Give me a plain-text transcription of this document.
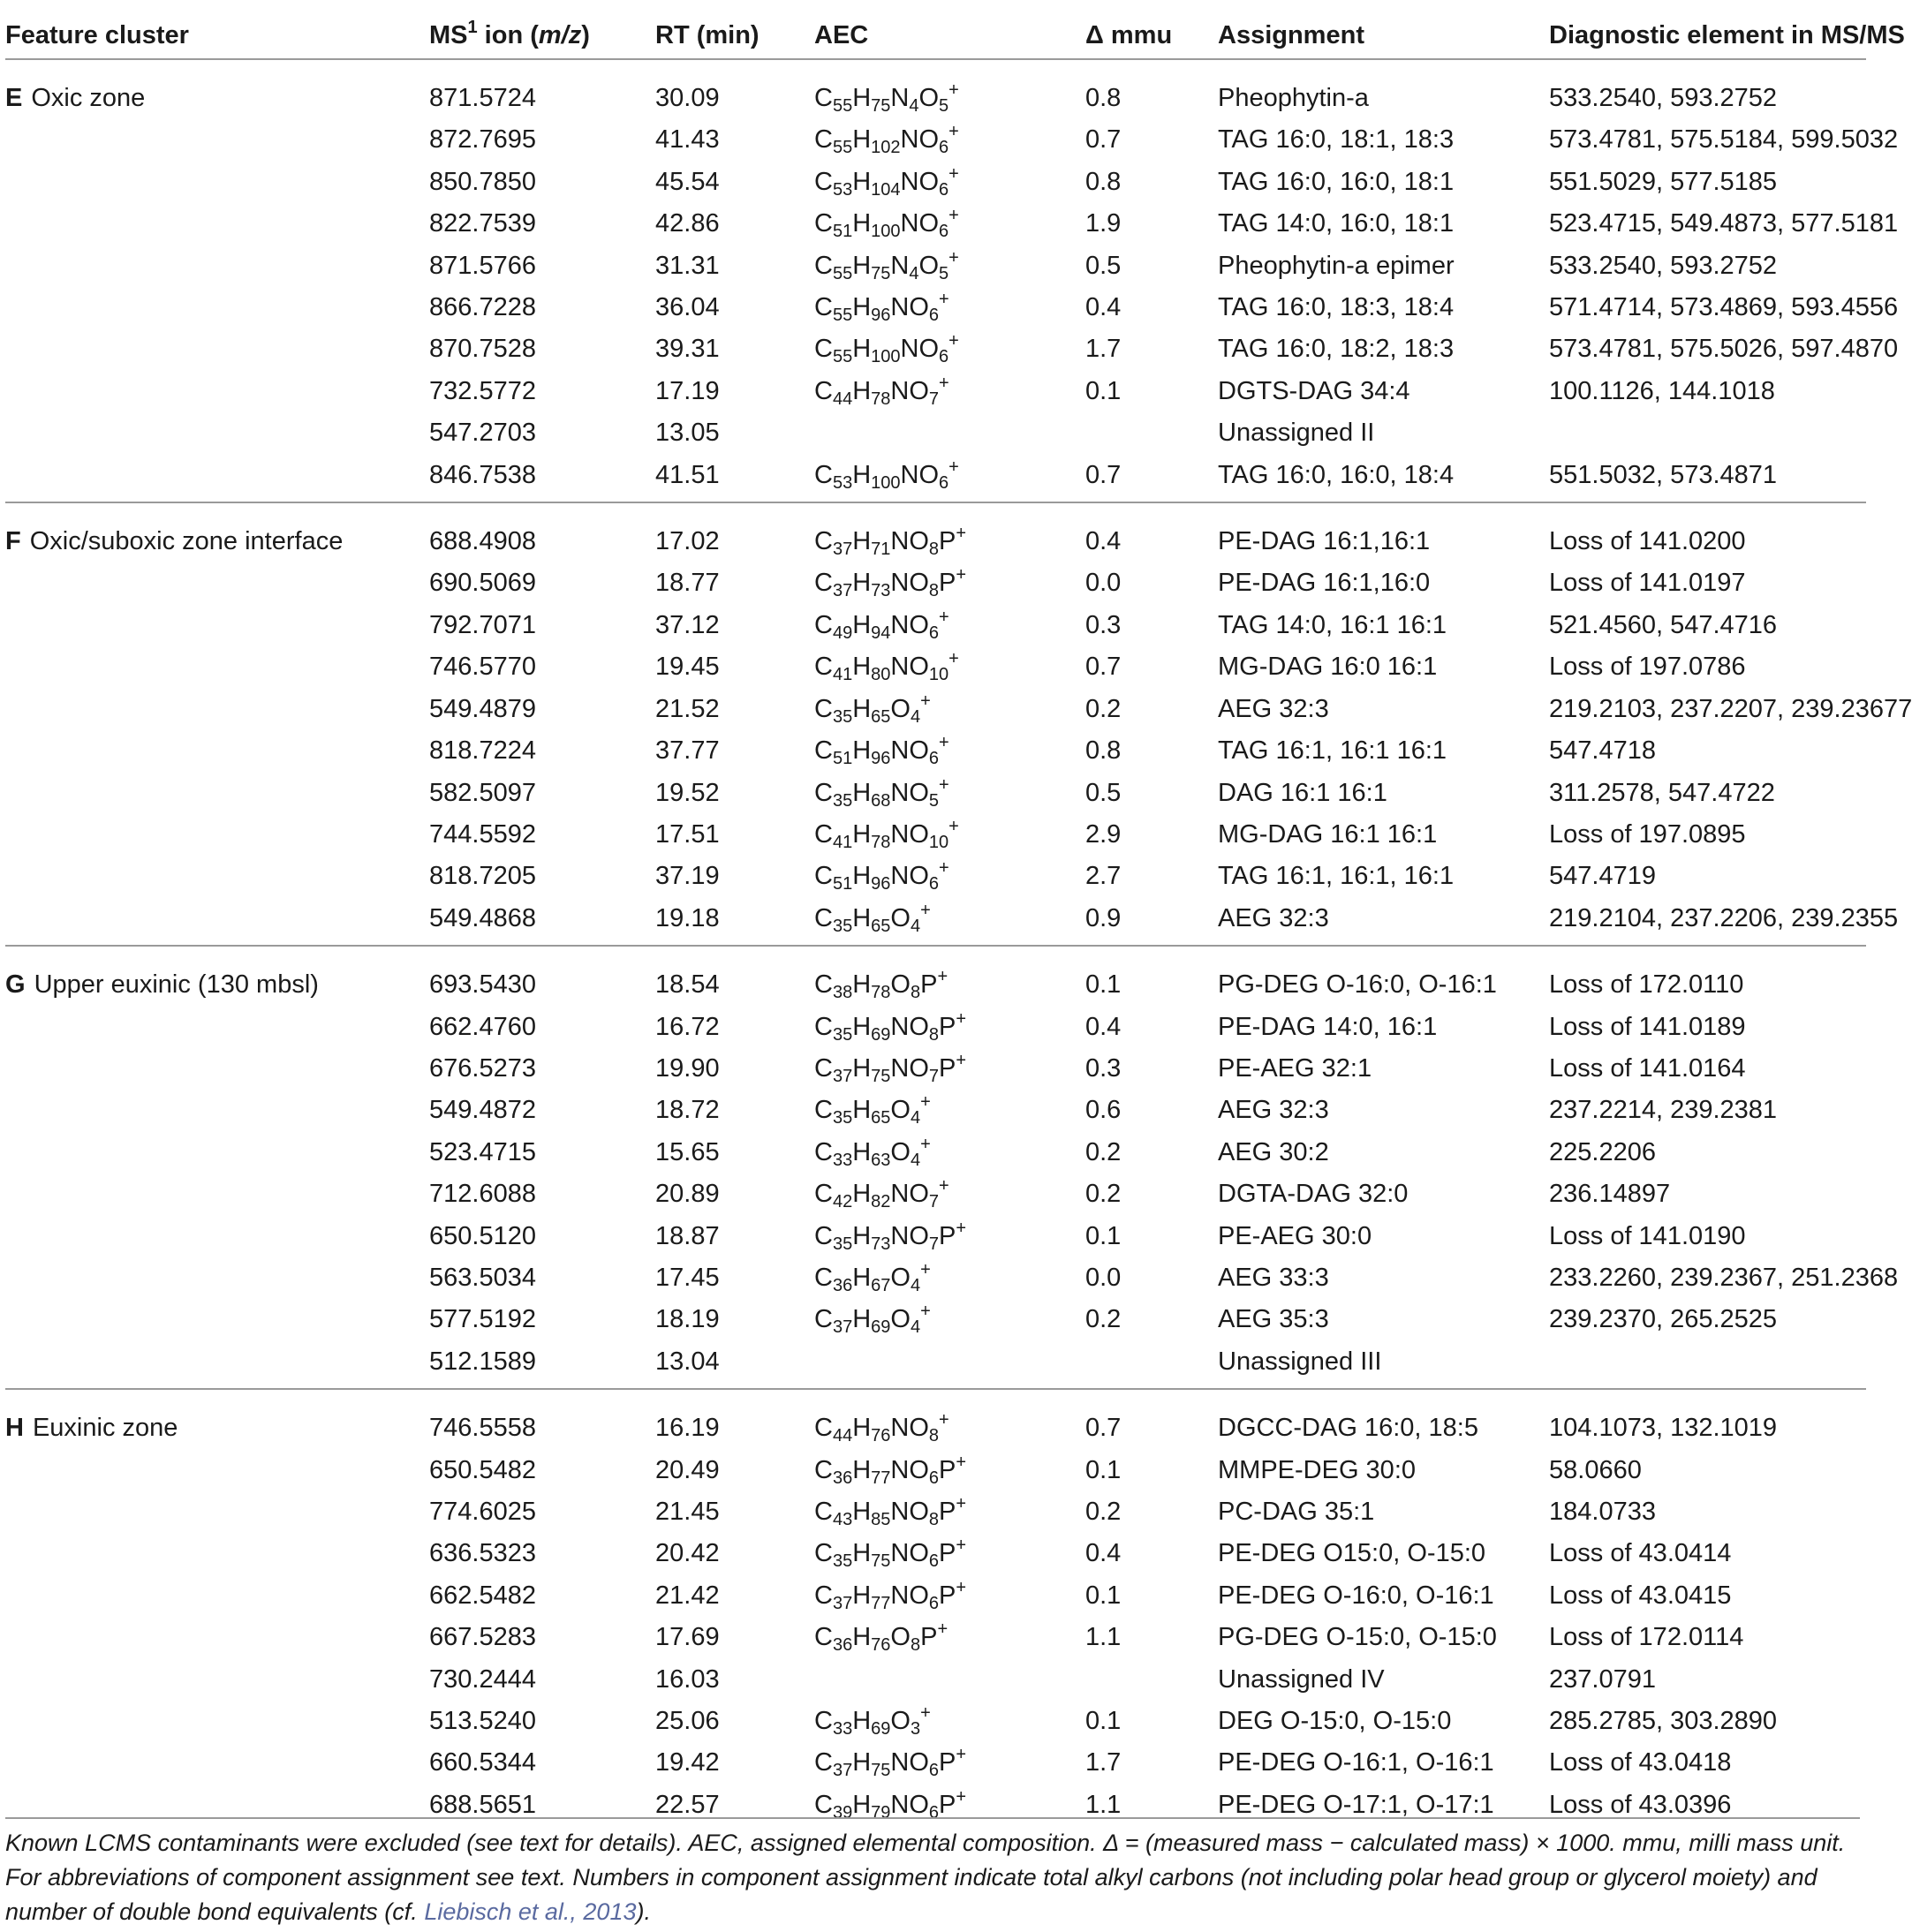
Feature cluster	$MS^1$ ion (m/z)	RT (min)	AEC	Δ mmu	Assignment	Diagnostic element in MS/MS
E Oxic zone	871.5724	30.09	$C_{55}H_{75}N_4O_5^+$	0.8	Pheophytin-a	533.2540, 593.2752
	872.7695	41.43	$C_{55}H_{102}NO_6^+$	0.7	TAG 16:0, 18:1, 18:3	573.4781, 575.5184, 599.5032
	850.7850	45.54	$C_{53}H_{104}NO_6^+$	0.8	TAG 16:0, 16:0, 18:1	551.5029, 577.5185
	822.7539	42.86	$C_{51}H_{100}NO_6^+$	1.9	TAG 14:0, 16:0, 18:1	523.4715, 549.4873, 577.5181
	871.5766	31.31	$C_{55}H_{75}N_4O_5^+$	0.5	Pheophytin-a epimer	533.2540, 593.2752
	866.7228	36.04	$C_{55}H_{96}NO_6^+$	0.4	TAG 16:0, 18:3, 18:4	571.4714, 573.4869, 593.4556
	870.7528	39.31	$C_{55}H_{100}NO_6^+$	1.7	TAG 16:0, 18:2, 18:3	573.4781, 575.5026, 597.4870
	732.5772	17.19	$C_{44}H_{78}NO_7^+$	0.1	DGTS-DAG 34:4	100.1126, 144.1018
	547.2703	13.05			Unassigned II	
	846.7538	41.51	$C_{53}H_{100}NO_6^+$	0.7	TAG 16:0, 16:0, 18:4	551.5032, 573.4871
F Oxic/suboxic zone interface	688.4908	17.02	$C_{37}H_{71}NO_8P^+$	0.4	PE-DAG 16:1,16:1	Loss of 141.0200
	690.5069	18.77	$C_{37}H_{73}NO_8P^+$	0.0	PE-DAG 16:1,16:0	Loss of 141.0197
	792.7071	37.12	$C_{49}H_{94}NO_6^+$	0.3	TAG 14:0, 16:1 16:1	521.4560, 547.4716
	746.5770	19.45	$C_{41}H_{80}NO_{10}^+$	0.7	MG-DAG 16:0 16:1	Loss of 197.0786
	549.4879	21.52	$C_{35}H_{65}O_4^+$	0.2	AEG 32:3	219.2103, 237.2207, 239.23677
	818.7224	37.77	$C_{51}H_{96}NO_6^+$	0.8	TAG 16:1, 16:1 16:1	547.4718
	582.5097	19.52	$C_{35}H_{68}NO_5^+$	0.5	DAG 16:1 16:1	311.2578, 547.4722
	744.5592	17.51	$C_{41}H_{78}NO_{10}^+$	2.9	MG-DAG 16:1 16:1	Loss of 197.0895
	818.7205	37.19	$C_{51}H_{96}NO_6^+$	2.7	TAG 16:1, 16:1, 16:1	547.4719
	549.4868	19.18	$C_{35}H_{65}O_4^+$	0.9	AEG 32:3	219.2104, 237.2206, 239.2355
G Upper euxinic (130 mbsl)	693.5430	18.54	$C_{38}H_{78}O_8P^+$	0.1	PG-DEG O-16:0, O-16:1	Loss of 172.0110
	662.4760	16.72	$C_{35}H_{69}NO_8P^+$	0.4	PE-DAG 14:0, 16:1	Loss of 141.0189
	676.5273	19.90	$C_{37}H_{75}NO_7P^+$	0.3	PE-AEG 32:1	Loss of 141.0164
	549.4872	18.72	$C_{35}H_{65}O_4^+$	0.6	AEG 32:3	237.2214, 239.2381
	523.4715	15.65	$C_{33}H_{63}O_4^+$	0.2	AEG 30:2	225.2206
	712.6088	20.89	$C_{42}H_{82}NO_7^+$	0.2	DGTA-DAG 32:0	236.14897
	650.5120	18.87	$C_{35}H_{73}NO_7P^+$	0.1	PE-AEG 30:0	Loss of 141.0190
	563.5034	17.45	$C_{36}H_{67}O_4^+$	0.0	AEG 33:3	233.2260, 239.2367, 251.2368
	577.5192	18.19	$C_{37}H_{69}O_4^+$	0.2	AEG 35:3	239.2370, 265.2525
	512.1589	13.04			Unassigned III	
H Euxinic zone	746.5558	16.19	$C_{44}H_{76}NO_8^+$	0.7	DGCC-DAG 16:0, 18:5	104.1073, 132.1019
	650.5482	20.49	$C_{36}H_{77}NO_6P^+$	0.1	MMPE-DEG 30:0	58.0660
	774.6025	21.45	$C_{43}H_{85}NO_8P^+$	0.2	PC-DAG 35:1	184.0733
	636.5323	20.42	$C_{35}H_{75}NO_6P^+$	0.4	PE-DEG O15:0, O-15:0	Loss of 43.0414
	662.5482	21.42	$C_{37}H_{77}NO_6P^+$	0.1	PE-DEG O-16:0, O-16:1	Loss of 43.0415
	667.5283	17.69	$C_{36}H_{76}O_8P^+$	1.1	PG-DEG O-15:0, O-15:0	Loss of 172.0114
	730.2444	16.03			Unassigned IV	237.0791
	513.5240	25.06	$C_{33}H_{69}O_3^+$	0.1	DEG O-15:0, O-15:0	285.2785, 303.2890
	660.5344	19.42	$C_{37}H_{75}NO_6P^+$	1.7	PE-DEG O-16:1, O-16:1	Loss of 43.0418
	688.5651	22.57	$C_{39}H_{79}NO_6P^+$	1.1	PE-DEG O-17:1, O-17:1	Loss of 43.0396
Known LCMS contaminants were excluded (see text for details). AEC, assigned elemental composition. Δ = (measured mass − calculated mass) × 1000. mmu, milli mass unit. For abbreviations of component assignment see text. Numbers in component assignment indicate total alkyl carbons (not including polar head group or glycerol moiety) and number of double bond equivalents (cf. Liebisch et al., 2013).
